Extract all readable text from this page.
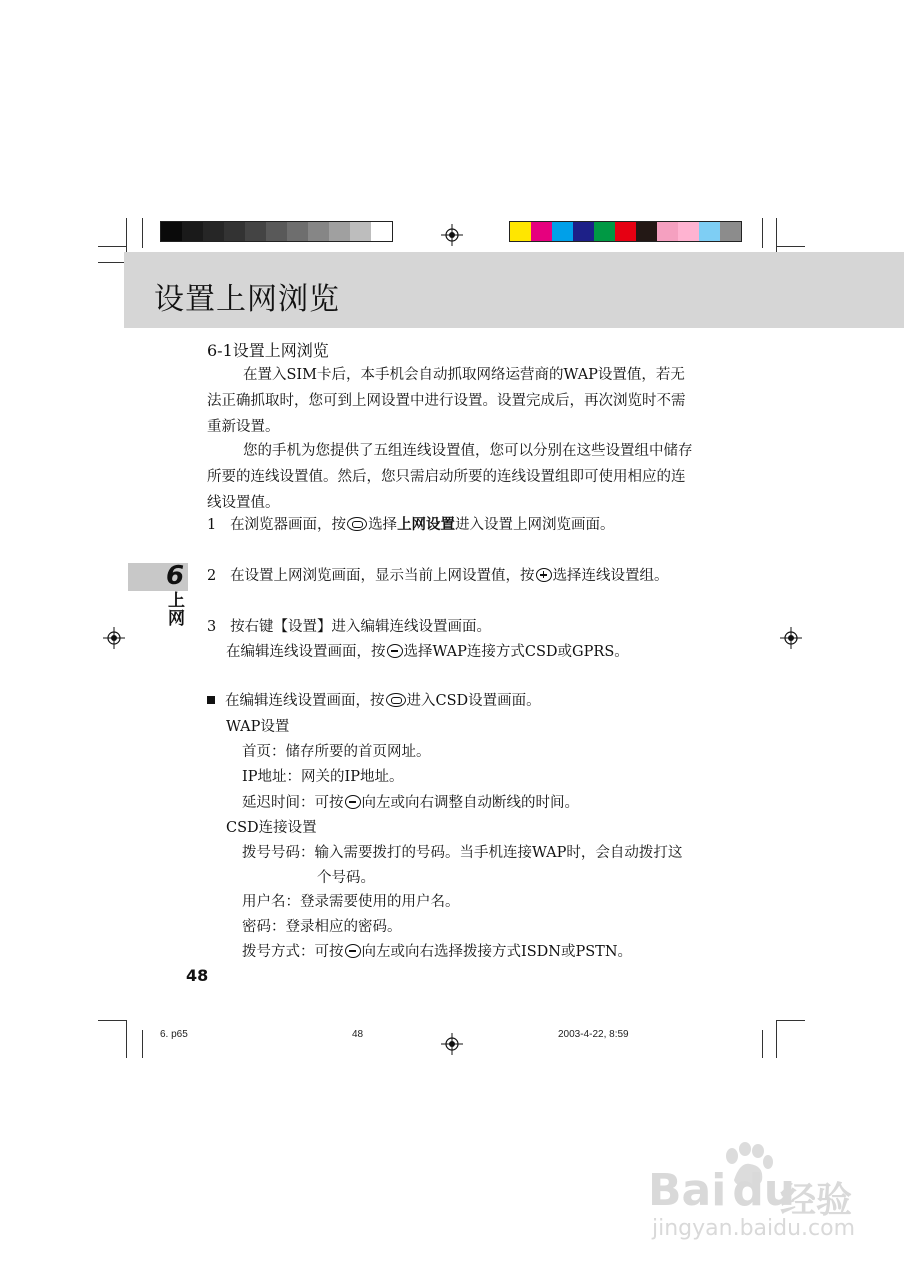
设置上网浏览
6-1设置上网浏览
在置入SIM卡后，本手机会自动抓取网络运营商的WAP设置值，若无法正确抓取时，您可到上网设置中进行设置。设置完成后，再次浏览时不需重新设置。
您的手机为您提供了五组连线设置值，您可以分别在这些设置组中储存所要的连线设置值。然后，您只需启动所要的连线设置组即可使用相应的连线设置值。
1 在浏览器画面，按 选择上网设置进入设置上网浏览画面。
6
上网
2 在设置上网浏览画面，显示当前上网设置值，按 选择连线设置组。
3 按右键【设置】进入编辑连线设置画面。
在编辑连线设置画面，按 选择WAP连接方式CSD或GPRS。
在编辑连线设置画面，按 进入CSD设置画面。
WAP设置
首页：储存所要的首页网址。
IP地址：网关的IP地址。
延迟时间：可按 向左或向右调整自动断线的时间。
CSD连接设置
拨号号码：输入需要拨打的号码。当手机连接WAP时，会自动拨打这
个号码。
用户名：登录需要使用的用户名。
密码：登录相应的密码。
拨号方式：可按 向左或向右选择拨接方式ISDN或PSTN。
48
6. p65	48	2003-4-22, 8:59
Bai du
经验
jingyan.baidu.com
